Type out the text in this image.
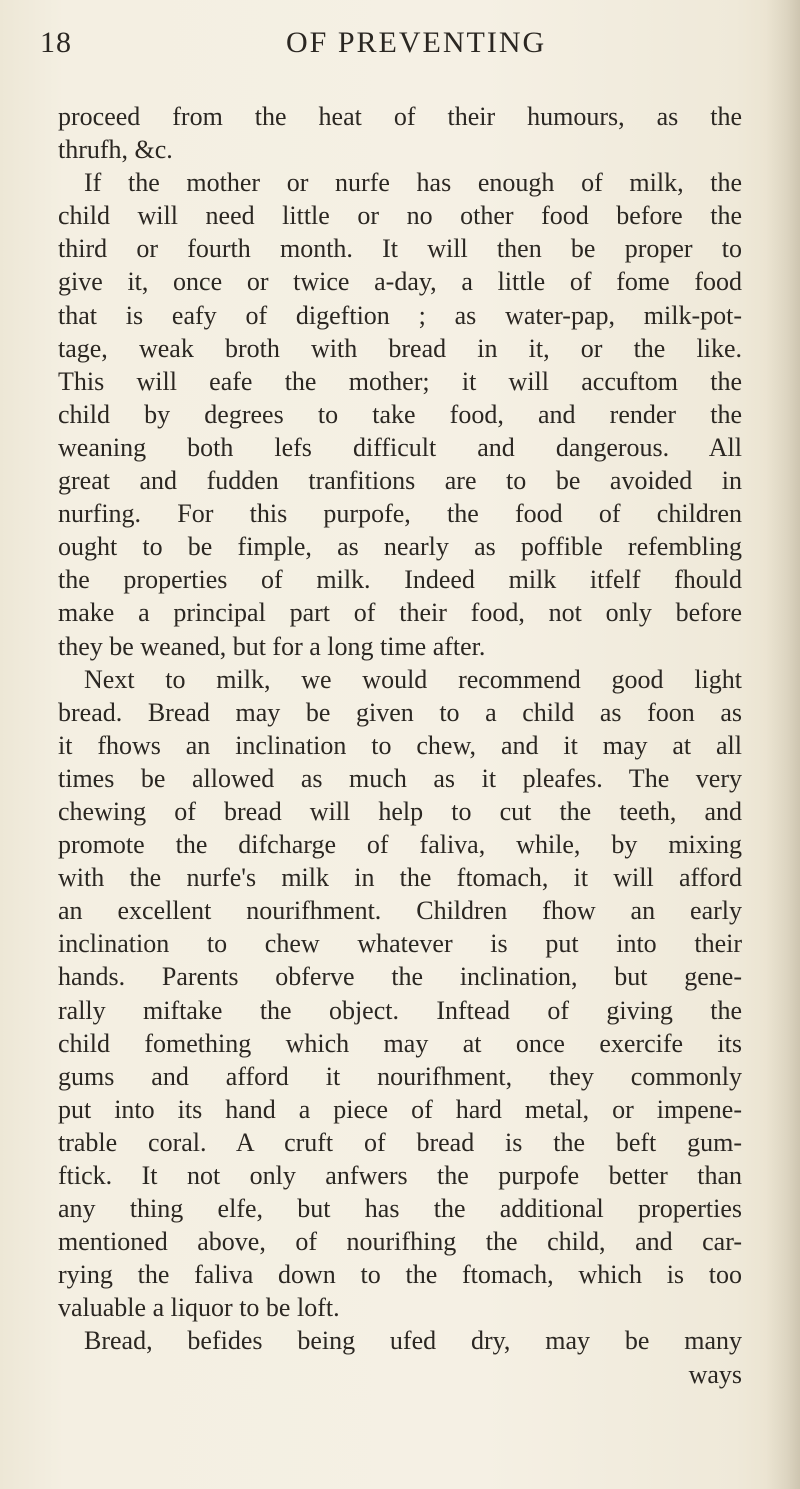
18	OF PREVENTING
proceed from the heat of their humours, as the
thrufh, &c.
If the mother or nurfe has enough of milk, the
child will need little or no other food before the
third or fourth month. It will then be proper to
give it, once or twice a-day, a little of fome food
that is eafy of digeftion ; as water-pap, milk-pot-
tage, weak broth with bread in it, or the like.
This will eafe the mother; it will accuftom the
child by degrees to take food, and render the
weaning both lefs difficult and dangerous. All
great and fudden tranfitions are to be avoided in
nurfing. For this purpofe, the food of children
ought to be fimple, as nearly as poffible refembling
the properties of milk. Indeed milk itfelf fhould
make a principal part of their food, not only before
they be weaned, but for a long time after.
Next to milk, we would recommend good light
bread. Bread may be given to a child as foon as
it fhows an inclination to chew, and it may at all
times be allowed as much as it pleafes. The very
chewing of bread will help to cut the teeth, and
promote the difcharge of faliva, while, by mixing
with the nurfe's milk in the ftomach, it will afford
an excellent nourifhment. Children fhow an early
inclination to chew whatever is put into their
hands. Parents obferve the inclination, but gene-
rally miftake the object. Inftead of giving the
child fomething which may at once exercife its
gums and afford it nourifhment, they commonly
put into its hand a piece of hard metal, or impene-
trable coral. A cruft of bread is the beft gum-
ftick. It not only anfwers the purpofe better than
any thing elfe, but has the additional properties
mentioned above, of nourifhing the child, and car-
rying the faliva down to the ftomach, which is too
valuable a liquor to be loft.
Bread, befides being ufed dry, may be many
ways
